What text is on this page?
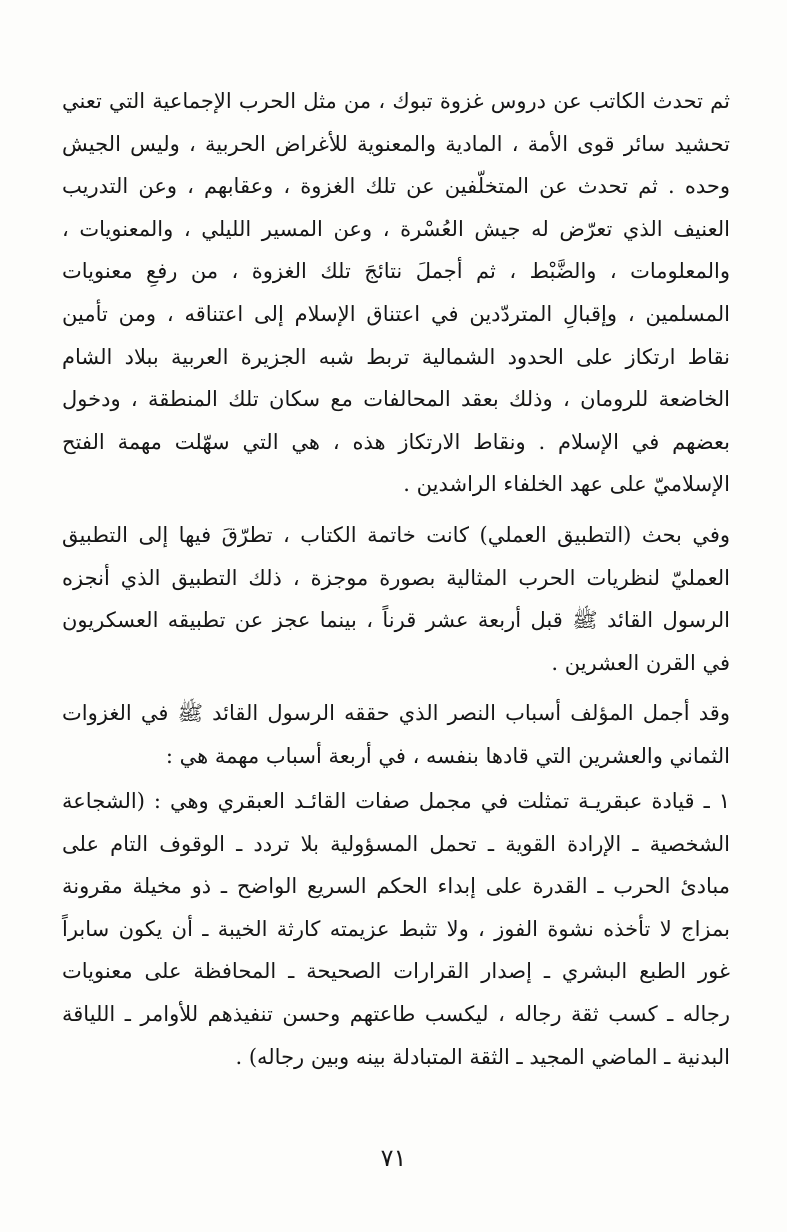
ثم تحدث الكاتب عن دروس غزوة تبوك ، من مثل الحرب الإجماعية التي تعني تحشيد سائر قوى الأمة ، المادية والمعنوية للأغراض الحربية ، وليس الجيش وحده . ثم تحدث عن المتخلّفين عن تلك الغزوة ، وعقابهم ، وعن التدريب العنيف الذي تعرّض له جيش العُسْرة ، وعن المسير الليلي ، والمعنويات ، والمعلومات ، والضَّبْط ، ثم أجملَ نتائجَ تلك الغزوة ، من رفعِ معنويات المسلمين ، وإقبالِ المتردّدين في اعتناق الإسلام إلى اعتناقه ، ومن تأمين نقاط ارتكاز على الحدود الشمالية تربط شبه الجزيرة العربية ببلاد الشام الخاضعة للرومان ، وذلك بعقد المحالفات مع سكان تلك المنطقة ، ودخول بعضهم في الإسلام . ونقاط الارتكاز هذه ، هي التي سهّلت مهمة الفتح الإسلاميّ على عهد الخلفاء الراشدين .

وفي بحث (التطبيق العملي) كانت خاتمة الكتاب ، تطرّقَ فيها إلى التطبيق العمليّ لنظريات الحرب المثالية بصورة موجزة ، ذلك التطبيق الذي أنجزه الرسول القائد ﷺ قبل أربعة عشر قرناً ، بينما عجز عن تطبيقه العسكريون في القرن العشرين .

وقد أجمل المؤلف أسباب النصر الذي حققه الرسول القائد ﷺ في الغزوات الثماني والعشرين التي قادها بنفسه ، في أربعة أسباب مهمة هي :

١ ـ قيادة عبقريـة تمثلت في مجمل صفات القائـد العبقري وهي : (الشجاعة الشخصية ـ الإرادة القوية ـ تحمل المسؤولية بلا تردد ـ الوقوف التام على مبادئ الحرب ـ القدرة على إبداء الحكم السريع الواضح ـ ذو مخيلة مقرونة بمزاج لا تأخذه نشوة الفوز ، ولا تثبط عزيمته كارثة الخيبة ـ أن يكون سابراً غور الطبع البشري ـ إصدار القرارات الصحيحة ـ المحافظة على معنويات رجاله ـ كسب ثقة رجاله ، ليكسب طاعتهم وحسن تنفيذهم للأوامر ـ اللياقة البدنية ـ الماضي المجيد ـ الثقة المتبادلة بينه وبين رجاله) .

٧١
